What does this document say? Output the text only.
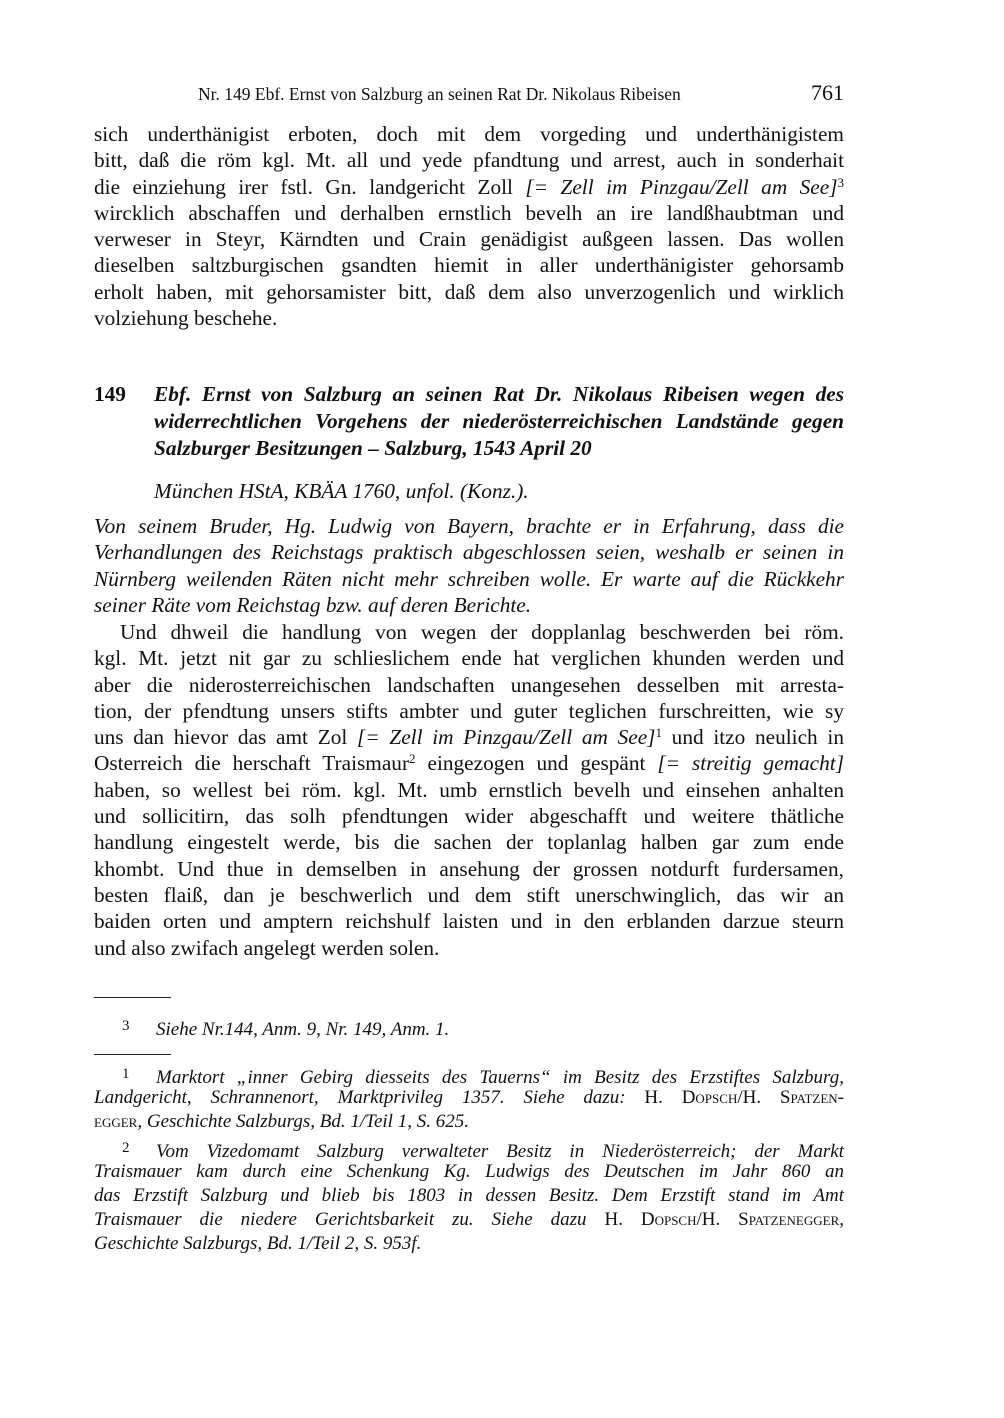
Nr. 149 Ebf. Ernst von Salzburg an seinen Rat Dr. Nikolaus Ribeisen	761
sich underthänigist erboten, doch mit dem vorgeding und underthänigistem
bitt, daß die röm kgl. Mt. all und yede pfandtung und arrest, auch in sonderhait
die einziehung irer fstl. Gn. landgericht Zoll [= Zell im Pinzgau/Zell am See]$^3$
wircklich abschaffen und derhalben ernstlich bevelh an ire landßhaubtman und
verweser in Steyr, Kärndten und Crain genädigist außgeen lassen. Das wollen
dieselben saltzburgischen gsandten hiemit in aller underthänigister gehorsamb
erholt haben, mit gehorsamister bitt, daß dem also unverzogenlich und wirklich
volziehung beschehe.
149 Ebf. Ernst von Salzburg an seinen Rat Dr. Nikolaus Ribeisen wegen des
widerrechtlichen Vorgehens der niederösterreichischen Landstände gegen
Salzburger Besitzungen – Salzburg, 1543 April 20
München HStA, KBÄA 1760, unfol. (Konz.).
Von seinem Bruder, Hg. Ludwig von Bayern, brachte er in Erfahrung, dass die
Verhandlungen des Reichstags praktisch abgeschlossen seien, weshalb er seinen in
Nürnberg weilenden Räten nicht mehr schreiben wolle. Er warte auf die Rückkehr
seiner Räte vom Reichstag bzw. auf deren Berichte.
Und dhweil die handlung von wegen der dopplanlag beschwerden bei röm.
kgl. Mt. jetzt nit gar zu schlieslichem ende hat verglichen khunden werden und
aber die niderosterreichischen landschaften unangesehen desselben mit arresta-
tion, der pfendtung unsers stifts ambter und guter teglichen furschreitten, wie sy
uns dan hievor das amt Zol [= Zell im Pinzgau/Zell am See]$^1$ und itzo neulich in
Osterreich die herschaft Traismaur$^2$ eingezogen und gespänt [= streitig gemacht]
haben, so wellest bei röm. kgl. Mt. umb ernstlich bevelh und einsehen anhalten
und sollicitirn, das solh pfendtungen wider abgeschafft und weitere thätliche
handlung eingestelt werde, bis die sachen der toplanlag halben gar zum ende
khombt. Und thue in demselben in ansehung der grossen notdurft furdersamen,
besten flaiß, dan je beschwerlich und dem stift unerschwinglich, das wir an
baiden orten und amptern reichshulf laisten und in den erblanden darzue steurn
und also zwifach angelegt werden solen.
3 Siehe Nr.144, Anm. 9, Nr. 149, Anm. 1.
1 Marktort „inner Gebirg diesseits des Tauerns“ im Besitz des Erzstiftes Salzburg,
Landgericht, Schrannenort, Marktprivileg 1357. Siehe dazu: H. Dopsch/H. Spatzen-
egger, Geschichte Salzburgs, Bd. 1/Teil 1, S. 625.
2 Vom Vizedomamt Salzburg verwalteter Besitz in Niederösterreich; der Markt
Traismauer kam durch eine Schenkung Kg. Ludwigs des Deutschen im Jahr 860 an
das Erzstift Salzburg und blieb bis 1803 in dessen Besitz. Dem Erzstift stand im Amt
Traismauer die niedere Gerichtsbarkeit zu. Siehe dazu H. Dopsch/H. Spatzenegger,
Geschichte Salzburgs, Bd. 1/Teil 2, S. 953f.
